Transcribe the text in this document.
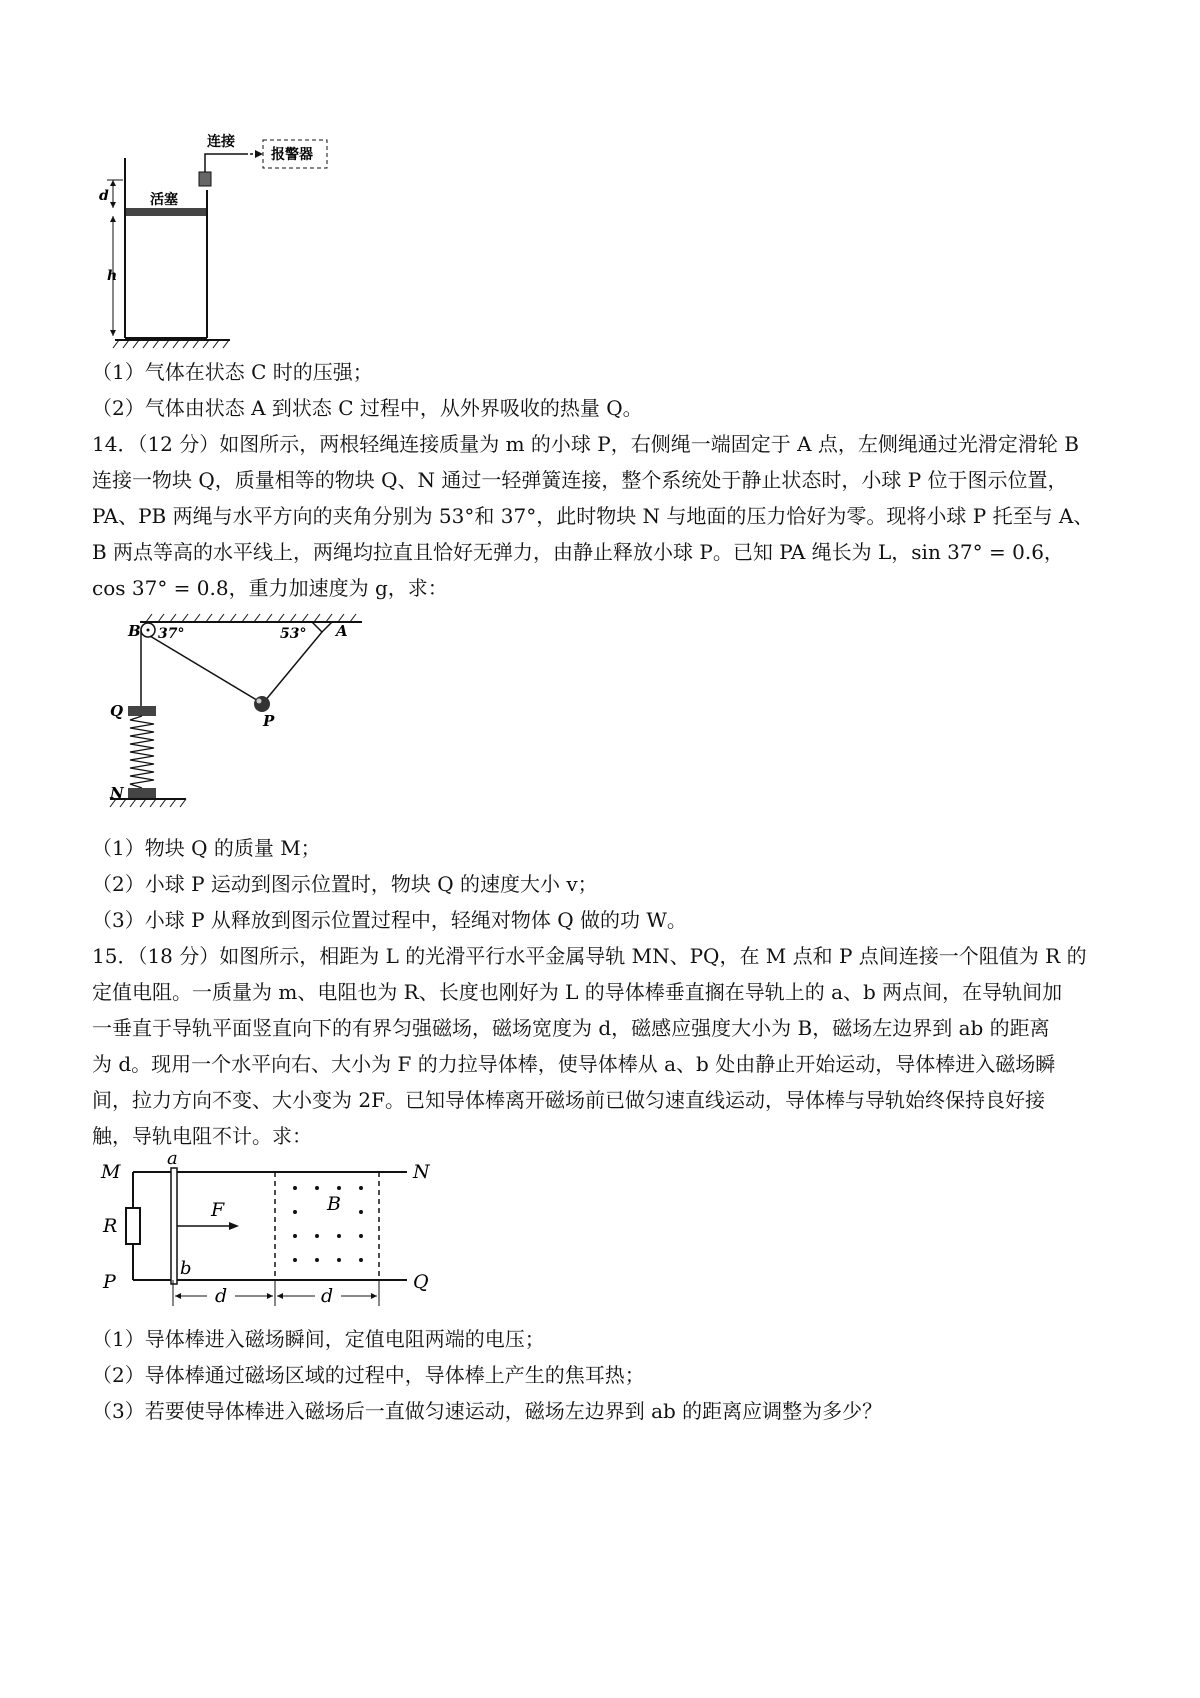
活塞
连接
报警器
d
h

（1）气体在状态 C 时的压强；

（2）气体由状态 A 到状态 C 过程中，从外界吸收的热量 Q。

14．（12 分）如图所示，两根轻绳连接质量为 m 的小球 P，右侧绳一端固定于 A 点，左侧绳通过光滑定滑轮 B

连接一物块 Q，质量相等的物块 Q、N 通过一轻弹簧连接，整个系统处于静止状态时，小球 P 位于图示位置，

PA、PB 两绳与水平方向的夹角分别为 53°和 37°，此时物块 N 与地面的压力恰好为零。现将小球 P 托至与 A、

B 两点等高的水平线上，两绳均拉直且恰好无弹力，由静止释放小球 P。已知 PA 绳长为 L，sin 37° = 0.6，

cos 37° = 0.8，重力加速度为 g，求：

B 37°	A
53°
P
Q
N

（1）物块 Q 的质量 M；

（2）小球 P 运动到图示位置时，物块 Q 的速度大小 v；

（3）小球 P 从释放到图示位置过程中，轻绳对物体 Q 做的功 W。

15．（18 分）如图所示，相距为 L 的光滑平行水平金属导轨 MN、PQ，在 M 点和 P 点间连接一个阻值为 R 的

定值电阻。一质量为 m、电阻也为 R、长度也刚好为 L 的导体棒垂直搁在导轨上的 a、b 两点间，在导轨间加

一垂直于导轨平面竖直向下的有界匀强磁场，磁场宽度为 d，磁感应强度大小为 B，磁场左边界到 ab 的距离

为 d。现用一个水平向右、大小为 F 的力拉导体棒，使导体棒从 a、b 处由静止开始运动，导体棒进入磁场瞬

间，拉力方向不变、大小变为 2F。已知导体棒离开磁场前已做匀速直线运动，导体棒与导轨始终保持良好接

触，导轨电阻不计。求：

M
R
P
N
Q
a
b
F	B
d	d

（1）导体棒进入磁场瞬间，定值电阻两端的电压；

（2）导体棒通过磁场区域的过程中，导体棒上产生的焦耳热；

（3）若要使导体棒进入磁场后一直做匀速运动，磁场左边界到 ab 的距离应调整为多少？
